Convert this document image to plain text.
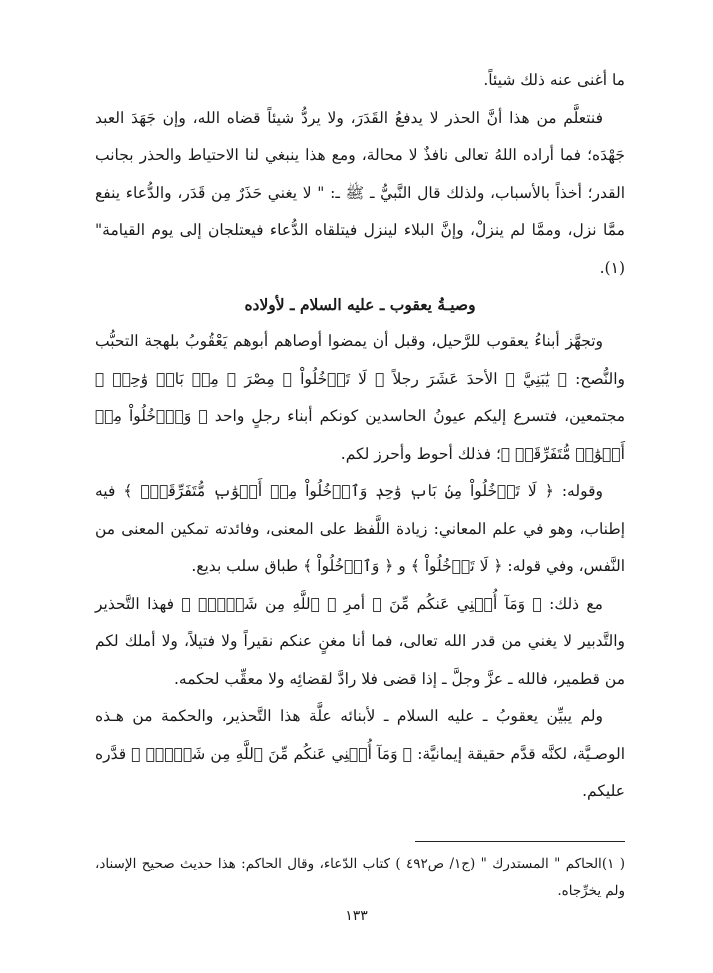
ما أغنى عنه ذلك شيئاً.

فنتعلَّم من هذا أنَّ الحذر لا يدفعُ القَدَرَ، ولا يردُّ شيئاً قضاه الله، وإن جَهَدَ العبد جَهْدَه؛ فما أراده اللهُ تعالى نافذٌ لا محالة، ومع هذا ينبغي لنا الاحتياط والحذر بجانب القدر؛ أخذاً بالأسباب، ولذلك قال النَّبيُّ ـ ﷺ ـ: " لا يغني حَذَرٌ مِن قَدَر، والدُّعاء ينفع ممَّا نزل، وممَّا لم ينزلْ، وإنَّ البلاء لينزل فيتلقاه الدُّعاء فيعتلجان إلى يوم القيامة"(١).

وصيـةُ يعقوب ـ عليه السلام ـ لأولاده

وتجهَّز أبناءُ يعقوب للرَّحيل، وقبل أن يمضوا أوصاهم أبوهم يَعْقُوبُ بلهجة التحبُّب والنُّصح: ﴿ يَٰبَنِيَّ ﴾ الأحدَ عَشَرَ رجلاً ﴿ لَا تَدۡخُلُواْ ﴾ مِصْرَ ﴿ مِنۢ بَابٖ وَٰحِدٖ ﴾ مجتمعين، فتسرع إليكم عيونُ الحاسدين كونكم أبناء رجلٍ واحد ﴿ وَٱدۡخُلُواْ مِنۡ أَبۡوَٰبٖ مُّتَفَرِّقَةٖ ﴾؛ فذلك أحوط وأحرز لكم.

وقوله: ﴿ لَا تَدۡخُلُواْ مِنۢ بَابٖ وَٰحِدٖ وَٱدۡخُلُواْ مِنۡ أَبۡوَٰبٖ مُّتَفَرِّقَةٖۖ ﴾ فيه إطناب، وهو في علم المعاني: زيادة اللَّفظ على المعنى، وفائدته تمكين المعنى من النَّفس، وفي قوله: ﴿ لَا تَدۡخُلُواْ ﴾ و ﴿ وَٱدۡخُلُواْ ﴾ طباق سلب بديع.

مع ذلك: ﴿ وَمَآ أُغۡنِي عَنكُم مِّنَ ﴾ أمرِ ﴿ ٱللَّهِ مِن شَيۡءٍۖ ﴾ فهذا التَّحذير والتَّدبير لا يغني من قدر الله تعالى، فما أنا مغنٍ عنكم نقيراً ولا فتيلاً، ولا أملك لكم من قطمير، فالله ـ عزَّ وجلَّ ـ إذا قضى فلا رادَّ لقضائِه ولا معقِّب لحكمه.

ولم يبيِّن يعقوبُ ـ عليه السلام ـ لأبنائه علَّة هذا التَّحذير، والحكمة من هـذه الوصـيَّة، لكنَّه قدَّم حقيقة إيمانيَّة: ﴿ وَمَآ أُغۡنِي عَنكُم مِّنَ ٱللَّهِ مِن شَيۡءٍۖ ﴾ قدَّره عليكم.

( ١)الحاكم " المستدرك " (ج١/ ص٤٩٢ ) كتاب الدّعاء، وقال الحاكم: هذا حديث صحيح الإسناد، ولم يخرِّجاه.
١٣٣
